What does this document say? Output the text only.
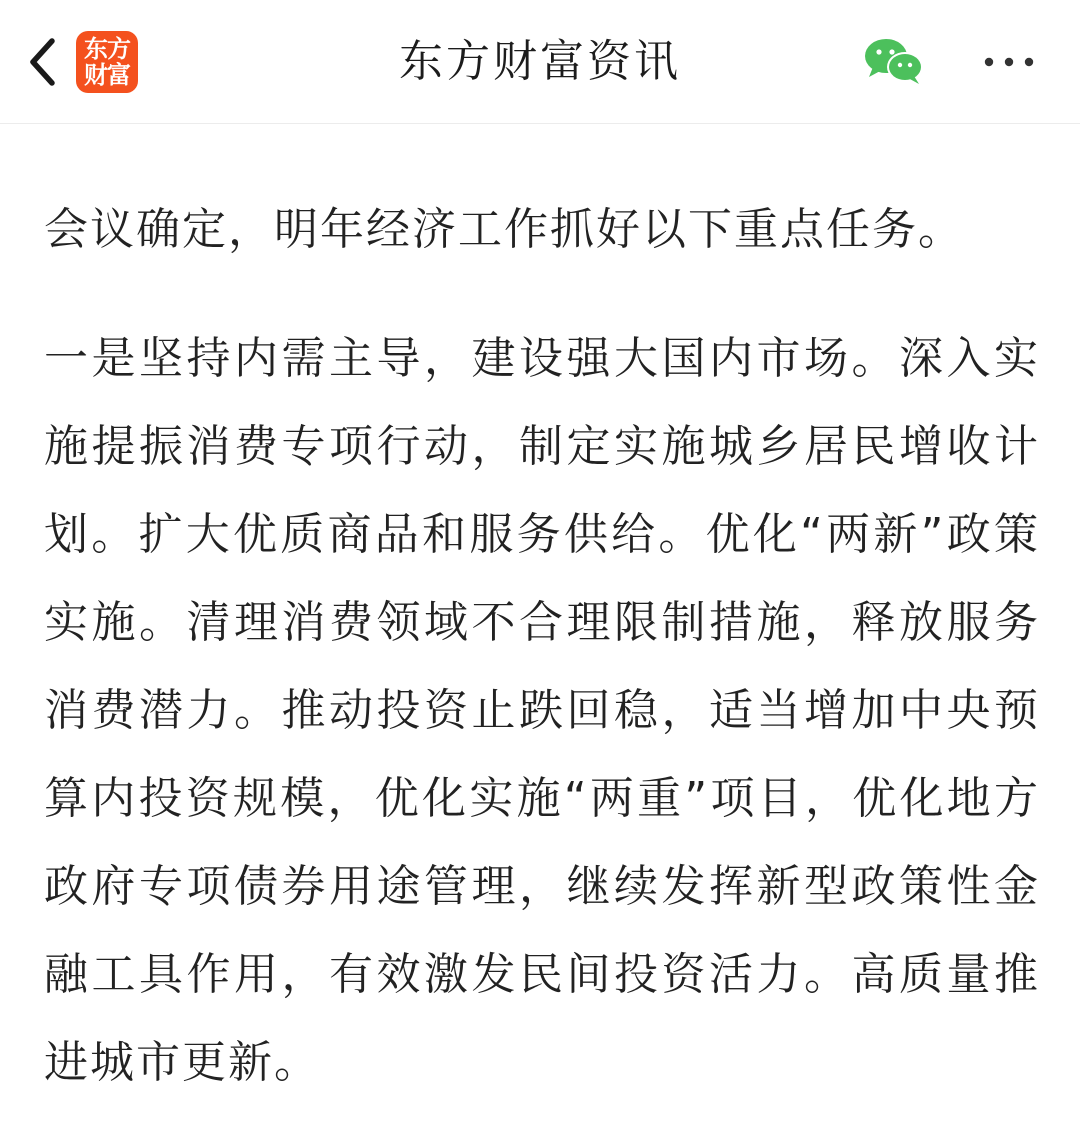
东方财富	东方财富资讯

会议确定，明年经济工作抓好以下重点任务。

一是坚持内需主导，建设强大国内市场。深入实施提振消费专项行动，制定实施城乡居民增收计划。扩大优质商品和服务供给。优化“两新”政策实施。清理消费领域不合理限制措施，释放服务消费潜力。推动投资止跌回稳，适当增加中央预算内投资规模，优化实施“两重”项目，优化地方政府专项债券用途管理，继续发挥新型政策性金融工具作用，有效激发民间投资活力。高质量推进城市更新。
